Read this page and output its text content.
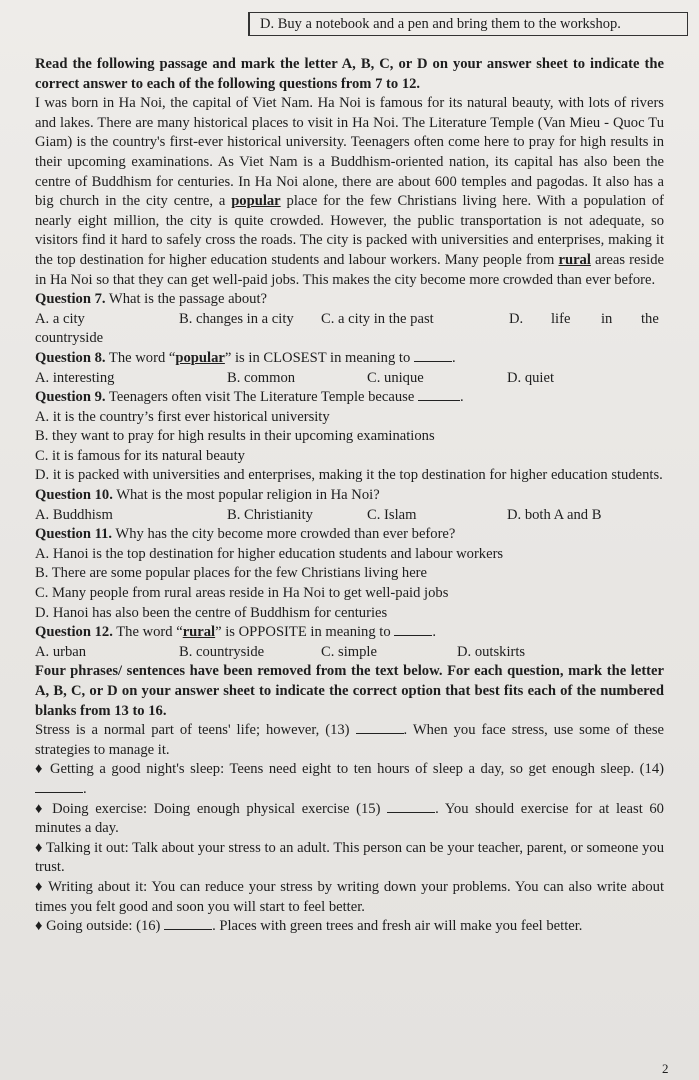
D. Buy a notebook and a pen and bring them to the workshop.

Read the following passage and mark the letter A, B, C, or D on your answer sheet to indicate the correct answer to each of the following questions from 7 to 12.

I was born in Ha Noi, the capital of Viet Nam. Ha Noi is famous for its natural beauty, with lots of rivers and lakes. There are many historical places to visit in Ha Noi. The Literature Temple (Van Mieu - Quoc Tu Giam) is the country's first-ever historical university. Teenagers often come here to pray for high results in their upcoming examinations. As Viet Nam is a Buddhism-oriented nation, its capital has also been the centre of Buddhism for centuries. In Ha Noi alone, there are about 600 temples and pagodas. It also has a big church in the city centre, a popular place for the few Christians living here. With a population of nearly eight million, the city is quite crowded. However, the public transportation is not adequate, so visitors find it hard to safely cross the roads. The city is packed with universities and enterprises, making it the top destination for higher education students and labour workers. Many people from rural areas reside in Ha Noi so that they can get well-paid jobs. This makes the city become more crowded than ever before.

Question 7. What is the passage about?

A. a city	B. changes in a city	C. a city in the past	D.	life	in	the

countryside

Question 8. The word “popular” is in CLOSEST in meaning to	.

A. interesting	B. common	C. unique	D. quiet

Question 9. Teenagers often visit The Literature Temple because	.

A. it is the country’s first ever historical university

B. they want to pray for high results in their upcoming examinations

C. it is famous for its natural beauty

D. it is packed with universities and enterprises, making it the top destination for higher education students.

Question 10. What is the most popular religion in Ha Noi?

A. Buddhism	B. Christianity	C. Islam	D. both A and B

Question 11. Why has the city become more crowded than ever before?

A. Hanoi is the top destination for higher education students and labour workers

B. There are some popular places for the few Christians living here

C. Many people from rural areas reside in Ha Noi to get well-paid jobs

D. Hanoi has also been the centre of Buddhism for centuries

Question 12. The word “rural” is OPPOSITE in meaning to	.

A. urban	B. countryside	C. simple	D. outskirts

Four phrases/ sentences have been removed from the text below. For each question, mark the letter A, B, C, or D on your answer sheet to indicate the correct option that best fits each of the numbered blanks from 13 to 16.

Stress is a normal part of teens' life; however, (13)	. When you face stress, use some of these strategies to manage it.

♦ Getting a good night's sleep: Teens need eight to ten hours of sleep a day, so get enough sleep. (14) .

♦ Doing exercise: Doing enough physical exercise (15)	. You should exercise for at least 60 minutes a day.

♦ Talking it out: Talk about your stress to an adult. This person can be your teacher, parent, or someone you trust.

♦ Writing about it: You can reduce your stress by writing down your problems. You can also write about times you felt good and soon you will start to feel better.

♦ Going outside: (16)	. Places with green trees and fresh air will make you feel better.

2
